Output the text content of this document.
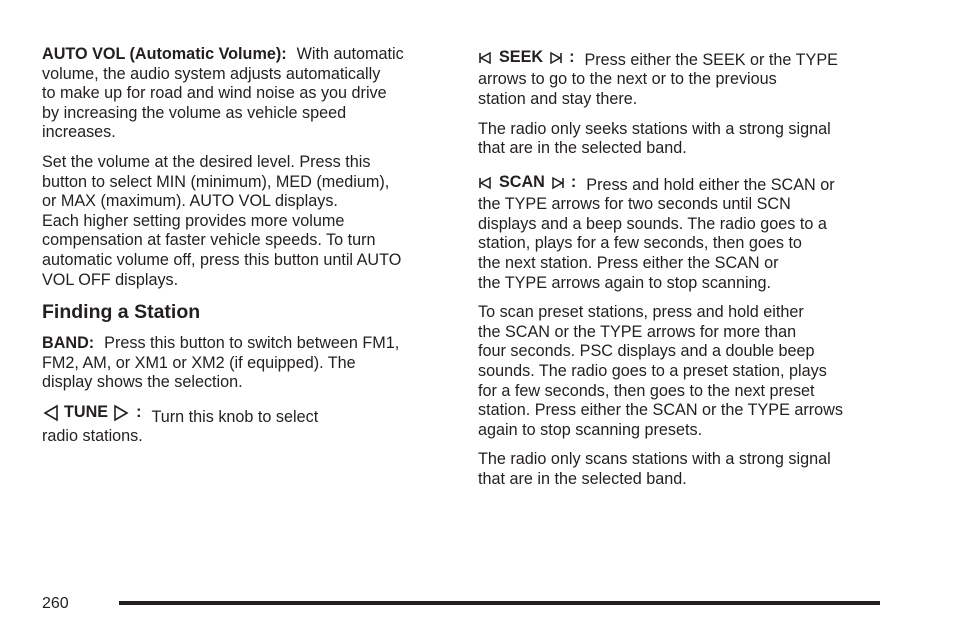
AUTO VOL (Automatic Volume): With automatic
volume, the audio system adjusts automatically
to make up for road and wind noise as you drive
by increasing the volume as vehicle speed
increases.
Set the volume at the desired level. Press this
button to select MIN (minimum), MED (medium),
or MAX (maximum). AUTO VOL displays.
Each higher setting provides more volume
compensation at faster vehicle speeds. To turn
automatic volume off, press this button until AUTO
VOL OFF displays.
Finding a Station
BAND: Press this button to switch between FM1,
FM2, AM, or XM1 or XM2 (if equipped). The
display shows the selection.
TUNE : Turn this knob to select
radio stations.
SEEK : Press either the SEEK or the TYPE
arrows to go to the next or to the previous
station and stay there.
The radio only seeks stations with a strong signal
that are in the selected band.
SCAN : Press and hold either the SCAN or
the TYPE arrows for two seconds until SCN
displays and a beep sounds. The radio goes to a
station, plays for a few seconds, then goes to
the next station. Press either the SCAN or
the TYPE arrows again to stop scanning.
To scan preset stations, press and hold either
the SCAN or the TYPE arrows for more than
four seconds. PSC displays and a double beep
sounds. The radio goes to a preset station, plays
for a few seconds, then goes to the next preset
station. Press either the SCAN or the TYPE arrows
again to stop scanning presets.
The radio only scans stations with a strong signal
that are in the selected band.
260
